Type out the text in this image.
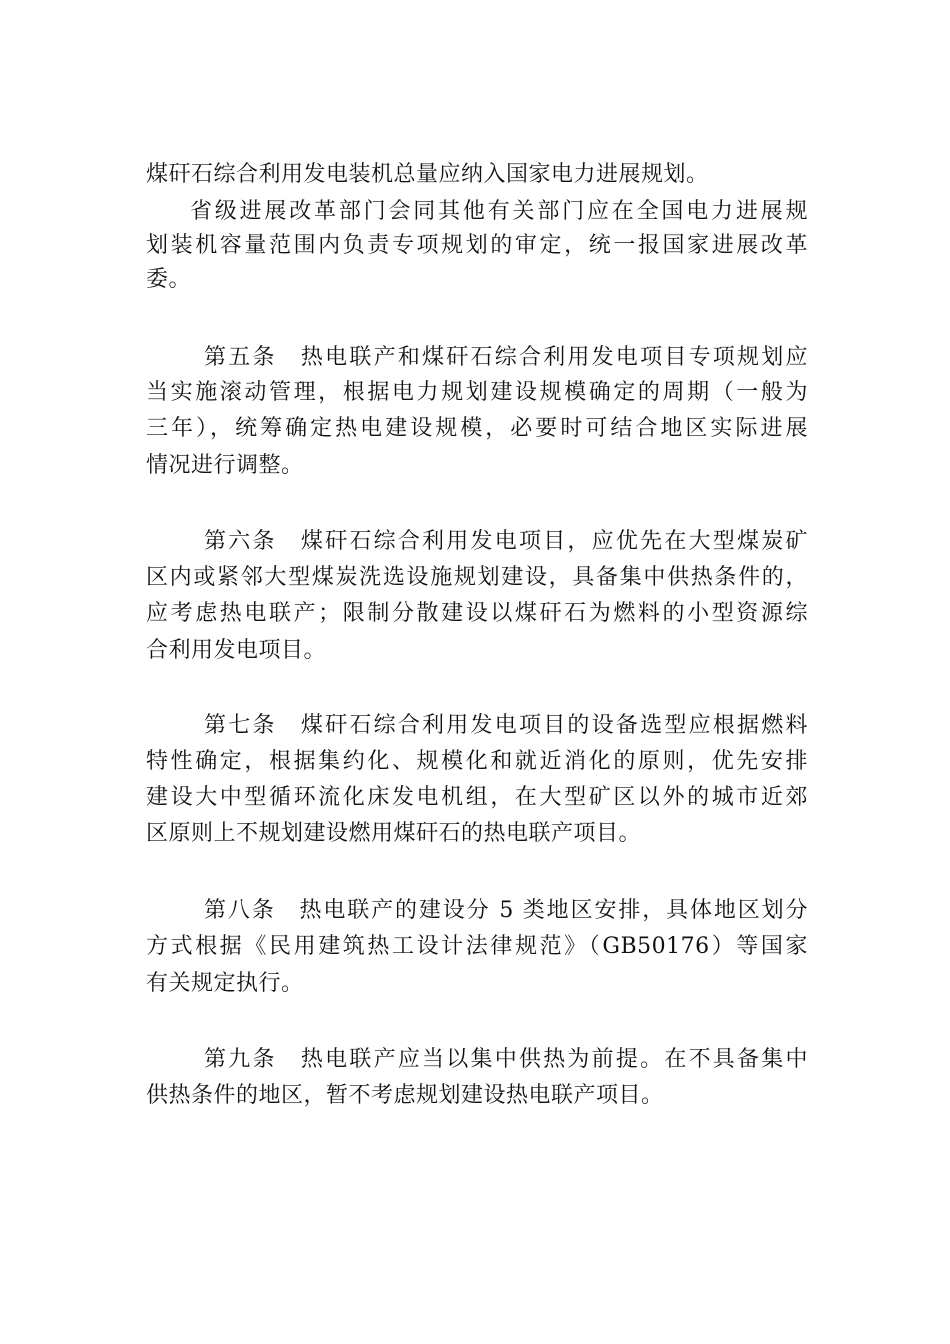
煤矸石综合利用发电装机总量应纳入国家电力进展规划。
省级进展改革部门会同其他有关部门应在全国电力进展规
划装机容量范围内负责专项规划的审定，统一报国家进展改革
委。
第五条　热电联产和煤矸石综合利用发电项目专项规划应
当实施滚动管理，根据电力规划建设规模确定的周期（一般为
三年），统筹确定热电建设规模，必要时可结合地区实际进展
情况进行调整。
第六条　煤矸石综合利用发电项目，应优先在大型煤炭矿
区内或紧邻大型煤炭洗选设施规划建设，具备集中供热条件的，
应考虑热电联产；限制分散建设以煤矸石为燃料的小型资源综
合利用发电项目。
第七条　煤矸石综合利用发电项目的设备选型应根据燃料
特性确定，根据集约化、规模化和就近消化的原则，优先安排
建设大中型循环流化床发电机组，在大型矿区以外的城市近郊
区原则上不规划建设燃用煤矸石的热电联产项目。
第八条　热电联产的建设分 5 类地区安排，具体地区划分
方式根据《民用建筑热工设计法律规范》（GB50176）等国家
有关规定执行。
第九条　热电联产应当以集中供热为前提。在不具备集中
供热条件的地区，暂不考虑规划建设热电联产项目。
